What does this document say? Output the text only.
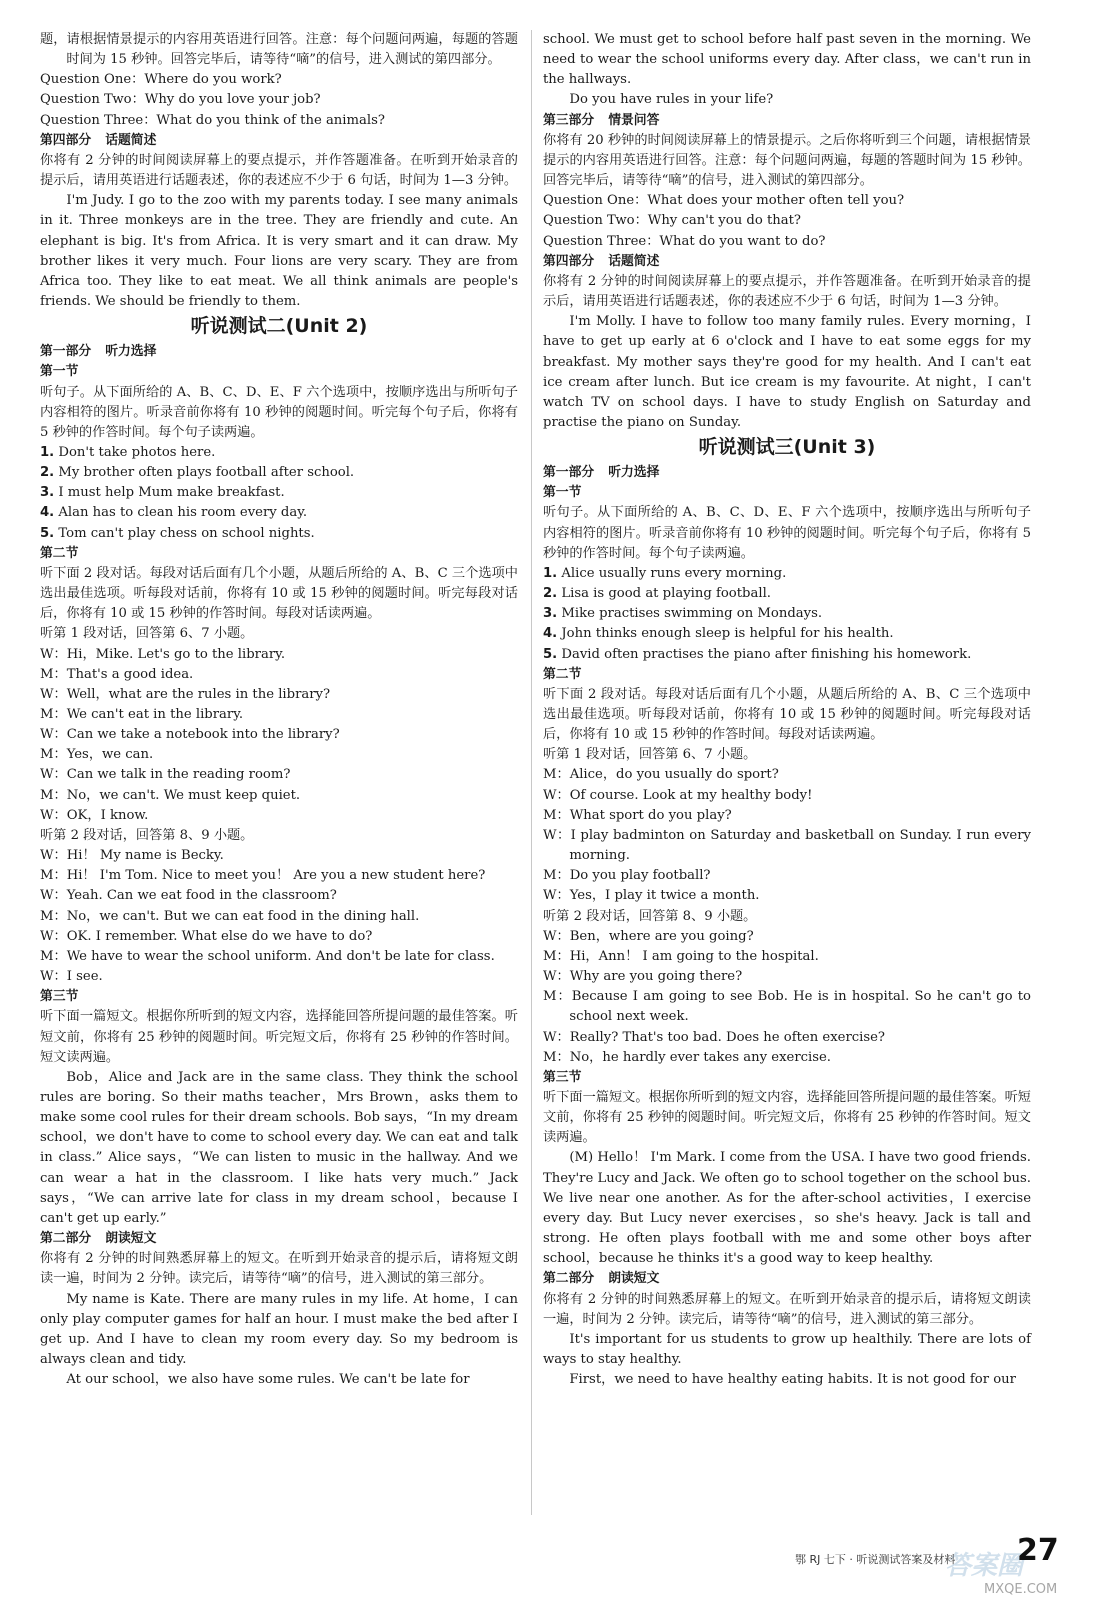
题，请根据情景提示的内容用英语进行回答。注意：每个问题问两遍，每题的答题时间为 15 秒钟。回答完毕后，请等待“嘀”的信号，进入测试的第四部分。
Question One：Where do you work?
Question Two：Why do you love your job?
Question Three：What do you think of the animals?
第四部分 话题简述
你将有 2 分钟的时间阅读屏幕上的要点提示，并作答题准备。在听到开始录音的提示后，请用英语进行话题表述，你的表述应不少于 6 句话，时间为 1—3 分钟。
I'm Judy. I go to the zoo with my parents today. I see many animals in it. Three monkeys are in the tree. They are friendly and cute. An elephant is big. It's from Africa. It is very smart and it can draw. My brother likes it very much. Four lions are very scary. They are from Africa too. They like to eat meat. We all think animals are people's friends. We should be friendly to them.
听说测试二(Unit 2)
第一部分 听力选择
第一节
听句子。从下面所给的 A、B、C、D、E、F 六个选项中，按顺序选出与所听句子内容相符的图片。听录音前你将有 10 秒钟的阅题时间。听完每个句子后，你将有 5 秒钟的作答时间。每个句子读两遍。
1. Don't take photos here.
2. My brother often plays football after school.
3. I must help Mum make breakfast.
4. Alan has to clean his room every day.
5. Tom can't play chess on school nights.
第二节
听下面 2 段对话。每段对话后面有几个小题，从题后所给的 A、B、C 三个选项中选出最佳选项。听每段对话前，你将有 10 或 15 秒钟的阅题时间。听完每段对话后，你将有 10 或 15 秒钟的作答时间。每段对话读两遍。
听第 1 段对话，回答第 6、7 小题。
W：Hi，Mike. Let's go to the library.
M：That's a good idea.
W：Well，what are the rules in the library?
M：We can't eat in the library.
W：Can we take a notebook into the library?
M：Yes，we can.
W：Can we talk in the reading room?
M：No，we can't. We must keep quiet.
W：OK，I know.
听第 2 段对话，回答第 8、9 小题。
W：Hi！ My name is Becky.
M：Hi！ I'm Tom. Nice to meet you！ Are you a new student here?
W：Yeah. Can we eat food in the classroom?
M：No，we can't. But we can eat food in the dining hall.
W：OK. I remember. What else do we have to do?
M：We have to wear the school uniform. And don't be late for class.
W：I see.
第三节
听下面一篇短文。根据你所听到的短文内容，选择能回答所提问题的最佳答案。听短文前，你将有 25 秒钟的阅题时间。听完短文后，你将有 25 秒钟的作答时间。短文读两遍。
Bob，Alice and Jack are in the same class. They think the school rules are boring. So their maths teacher，Mrs Brown，asks them to make some cool rules for their dream schools. Bob says，“In my dream school，we don't have to come to school every day. We can eat and talk in class.” Alice says，“We can listen to music in the hallway. And we can wear a hat in the classroom. I like hats very much.” Jack says，“We can arrive late for class in my dream school，because I can't get up early.”
第二部分 朗读短文
你将有 2 分钟的时间熟悉屏幕上的短文。在听到开始录音的提示后，请将短文朗读一遍，时间为 2 分钟。读完后，请等待“嘀”的信号，进入测试的第三部分。
My name is Kate. There are many rules in my life. At home，I can only play computer games for half an hour. I must make the bed after I get up. And I have to clean my room every day. So my bedroom is always clean and tidy.
At our school，we also have some rules. We can't be late for
school. We must get to school before half past seven in the morning. We need to wear the school uniforms every day. After class，we can't run in the hallways.
Do you have rules in your life?
第三部分 情景问答
你将有 20 秒钟的时间阅读屏幕上的情景提示。之后你将听到三个问题，请根据情景提示的内容用英语进行回答。注意：每个问题问两遍，每题的答题时间为 15 秒钟。回答完毕后，请等待“嘀”的信号，进入测试的第四部分。
Question One：What does your mother often tell you?
Question Two：Why can't you do that?
Question Three：What do you want to do?
第四部分 话题简述
你将有 2 分钟的时间阅读屏幕上的要点提示，并作答题准备。在听到开始录音的提示后，请用英语进行话题表述，你的表述应不少于 6 句话，时间为 1—3 分钟。
I'm Molly. I have to follow too many family rules. Every morning，I have to get up early at 6 o'clock and I have to eat some eggs for my breakfast. My mother says they're good for my health. And I can't eat ice cream after lunch. But ice cream is my favourite. At night，I can't watch TV on school days. I have to study English on Saturday and practise the piano on Sunday.
听说测试三(Unit 3)
第一部分 听力选择
第一节
听句子。从下面所给的 A、B、C、D、E、F 六个选项中，按顺序选出与所听句子内容相符的图片。听录音前你将有 10 秒钟的阅题时间。听完每个句子后，你将有 5 秒钟的作答时间。每个句子读两遍。
1. Alice usually runs every morning.
2. Lisa is good at playing football.
3. Mike practises swimming on Mondays.
4. John thinks enough sleep is helpful for his health.
5. David often practises the piano after finishing his homework.
第二节
听下面 2 段对话。每段对话后面有几个小题，从题后所给的 A、B、C 三个选项中选出最佳选项。听每段对话前，你将有 10 或 15 秒钟的阅题时间。听完每段对话后，你将有 10 或 15 秒钟的作答时间。每段对话读两遍。
听第 1 段对话，回答第 6、7 小题。
M：Alice，do you usually do sport?
W：Of course. Look at my healthy body!
M：What sport do you play?
W：I play badminton on Saturday and basketball on Sunday. I run every morning.
M：Do you play football?
W：Yes，I play it twice a month.
听第 2 段对话，回答第 8、9 小题。
W：Ben，where are you going?
M：Hi，Ann！ I am going to the hospital.
W：Why are you going there?
M：Because I am going to see Bob. He is in hospital. So he can't go to school next week.
W：Really? That's too bad. Does he often exercise?
M：No，he hardly ever takes any exercise.
第三节
听下面一篇短文。根据你所听到的短文内容，选择能回答所提问题的最佳答案。听短文前，你将有 25 秒钟的阅题时间。听完短文后，你将有 25 秒钟的作答时间。短文读两遍。
(M) Hello！ I'm Mark. I come from the USA. I have two good friends. They're Lucy and Jack. We often go to school together on the school bus. We live near one another. As for the after-school activities，I exercise every day. But Lucy never exercises，so she's heavy. Jack is tall and strong. He often plays football with me and some other boys after school，because he thinks it's a good way to keep healthy.
第二部分 朗读短文
你将有 2 分钟的时间熟悉屏幕上的短文。在听到开始录音的提示后，请将短文朗读一遍，时间为 2 分钟。读完后，请等待“嘀”的信号，进入测试的第三部分。
It's important for us students to grow up healthily. There are lots of ways to stay healthy.
First，we need to have healthy eating habits. It is not good for our
答案圈
鄂 RJ 七下 · 听说测试答案及材料 27
MXQE.COM
